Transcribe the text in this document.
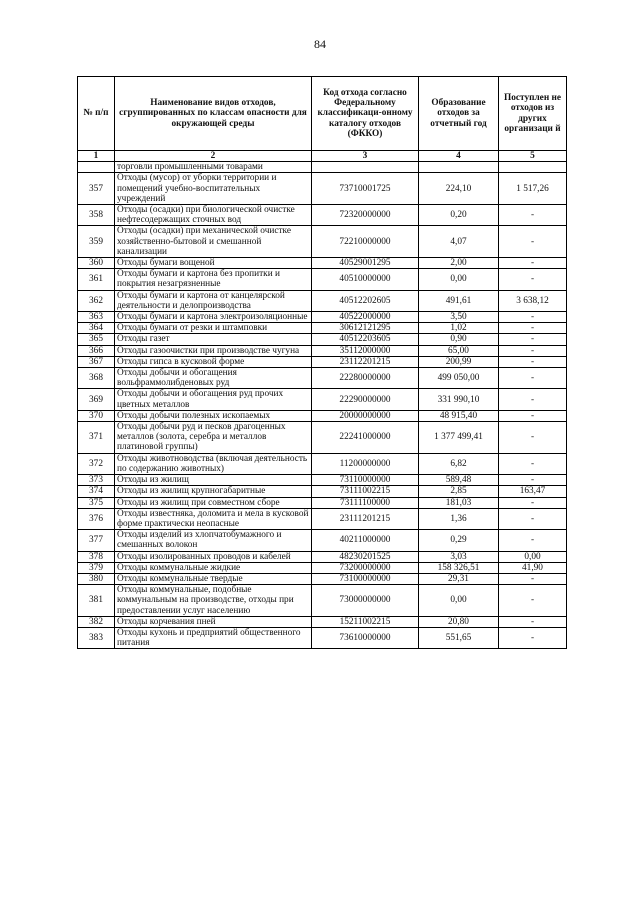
84
№ п/п	Наименование видов отходов, сгруппированных по классам опасности для окружающей среды	Код отхода согласно Федеральному классификаци-онному каталогу отходов (ФККО)	Образование отходов за отчетный год	Поступлен не отходов из других организаци й
1	2	3	4	5
	торговли промышленными товарами			
357	Отходы (мусор) от уборки территории и помещений учебно-воспитательных учреждений	73710001725	224,10	1 517,26
358	Отходы (осадки) при биологической очистке нефтесодержащих сточных вод	72320000000	0,20	-
359	Отходы (осадки) при механической очистке хозяйственно-бытовой и смешанной канализации	72210000000	4,07	-
360	Отходы бумаги вощеной	40529001295	2,00	-
361	Отходы бумаги и картона без пропитки и покрытия незагрязненные	40510000000	0,00	-
362	Отходы бумаги и картона от канцелярской деятельности и делопроизводства	40512202605	491,61	3 638,12
363	Отходы бумаги и картона электроизоляционные	40522000000	3,50	-
364	Отходы бумаги от резки и штамповки	30612121295	1,02	-
365	Отходы газет	40512203605	0,90	-
366	Отходы газоочистки при производстве чугуна	35112000000	65,00	-
367	Отходы гипса в кусковой форме	23112201215	200,99	-
368	Отходы добычи и обогащения вольфраммолибденовых руд	22280000000	499 050,00	-
369	Отходы добычи и обогащения руд прочих цветных металлов	22290000000	331 990,10	-
370	Отходы добычи полезных ископаемых	20000000000	48 915,40	-
371	Отходы добычи руд и песков драгоценных металлов (золота, серебра и металлов платиновой группы)	22241000000	1 377 499,41	-
372	Отходы животноводства (включая деятельность по содержанию животных)	11200000000	6,82	-
373	Отходы из жилищ	73110000000	589,48	-
374	Отходы из жилищ крупногабаритные	73111002215	2,85	163,47
375	Отходы из жилищ при совместном сборе	73111100000	181,03	-
376	Отходы известняка, доломита и мела в кусковой форме практически неопасные	23111201215	1,36	-
377	Отходы изделий из хлопчатобумажного и смешанных волокон	40211000000	0,29	-
378	Отходы изолированных проводов и кабелей	48230201525	3,03	0,00
379	Отходы коммунальные жидкие	73200000000	158 326,51	41,90
380	Отходы коммунальные твердые	73100000000	29,31	-
381	Отходы коммунальные, подобные коммунальным на производстве, отходы при предоставлении услуг населению	73000000000	0,00	-
382	Отходы корчевания пней	15211002215	20,80	-
383	Отходы кухонь и предприятий общественного питания	73610000000	551,65	-
